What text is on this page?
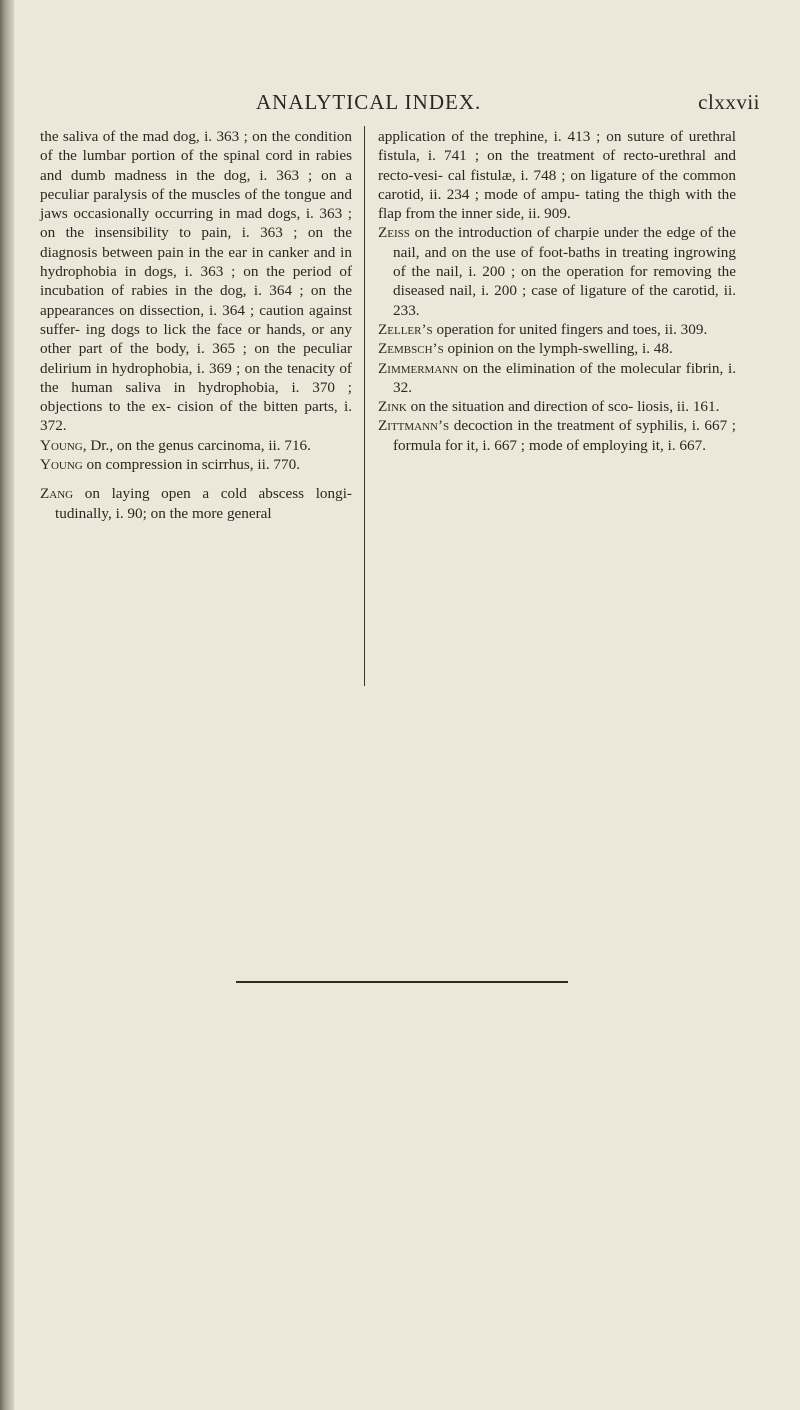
ANALYTICAL INDEX.	clxxvii

the saliva of the mad dog, i. 363 ; on the condition of the lumbar portion of the spinal cord in rabies and dumb madness in the dog, i. 363 ; on a peculiar paralysis of the muscles of the tongue and jaws occasionally occurring in mad dogs, i. 363 ; on the insensibility to pain, i. 363 ; on the diagnosis between pain in the ear in canker and in hydrophobia in dogs, i. 363 ; on the period of incubation of rabies in the dog, i. 364 ; on the appearances on dissection, i. 364 ; caution against suffer- ing dogs to lick the face or hands, or any other part of the body, i. 365 ; on the peculiar delirium in hydrophobia, i. 369 ; on the tenacity of the human saliva in hydrophobia, i. 370 ; objections to the ex- cision of the bitten parts, i. 372.

Young, Dr., on the genus carcinoma, ii. 716.

Young on compression in scirrhus, ii. 770.

Zang on laying open a cold abscess longi- tudinally, i. 90; on the more general

application of the trephine, i. 413 ; on suture of urethral fistula, i. 741 ; on the treatment of recto-urethral and recto-vesi- cal fistulæ, i. 748 ; on ligature of the common carotid, ii. 234 ; mode of ampu- tating the thigh with the flap from the inner side, ii. 909.

Zeiss on the introduction of charpie under the edge of the nail, and on the use of foot-baths in treating ingrowing of the nail, i. 200 ; on the operation for removing the diseased nail, i. 200 ; case of ligature of the carotid, ii. 233.

Zeller’s operation for united fingers and toes, ii. 309.

Zembsch’s opinion on the lymph-swelling, i. 48.

Zimmermann on the elimination of the molecular fibrin, i. 32.

Zink on the situation and direction of sco- liosis, ii. 161.

Zittmann’s decoction in the treatment of syphilis, i. 667 ; formula for it, i. 667 ; mode of employing it, i. 667.
